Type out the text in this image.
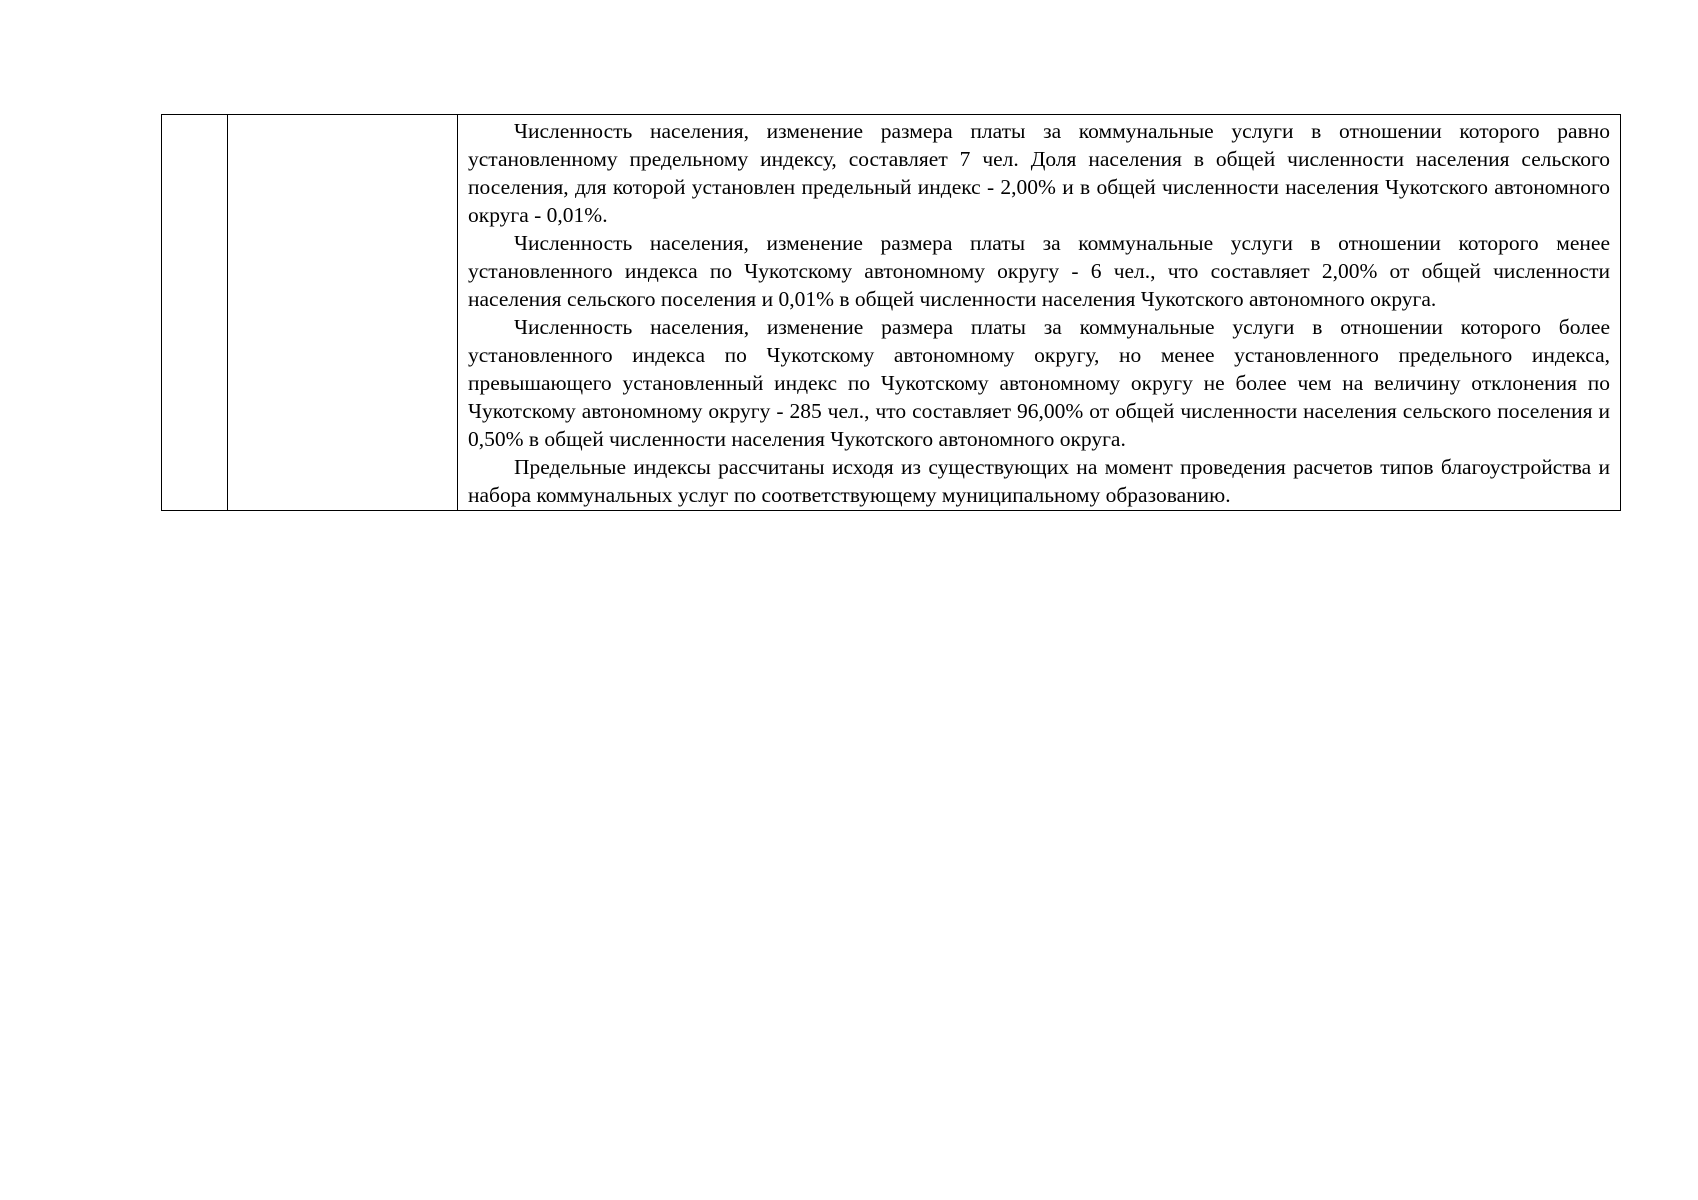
Численность населения, изменение размера платы за коммунальные услуги в отношении которого равно установленному предельному индексу, составляет 7 чел. Доля населения в общей численности населения сельского поселения, для которой установлен предельный индекс - 2,00% и в общей численности населения Чукотского автономного округа - 0,01%.

Численность населения, изменение размера платы за коммунальные услуги в отношении которого менее установленного индекса по Чукотскому автономному округу - 6 чел., что составляет 2,00% от общей численности населения сельского поселения и 0,01% в общей численности населения Чукотского автономного округа.

Численность населения, изменение размера платы за коммунальные услуги в отношении которого более установленного индекса по Чукотскому автономному округу, но менее установленного предельного индекса, превышающего установленный индекс по Чукотскому автономному округу не более чем на величину отклонения по Чукотскому автономному округу - 285 чел., что составляет 96,00% от общей численности населения сельского поселения и 0,50% в общей численности населения Чукотского автономного округа.

Предельные индексы рассчитаны исходя из существующих на момент проведения расчетов типов благоустройства и набора коммунальных услуг по соответствующему муниципальному образованию.
